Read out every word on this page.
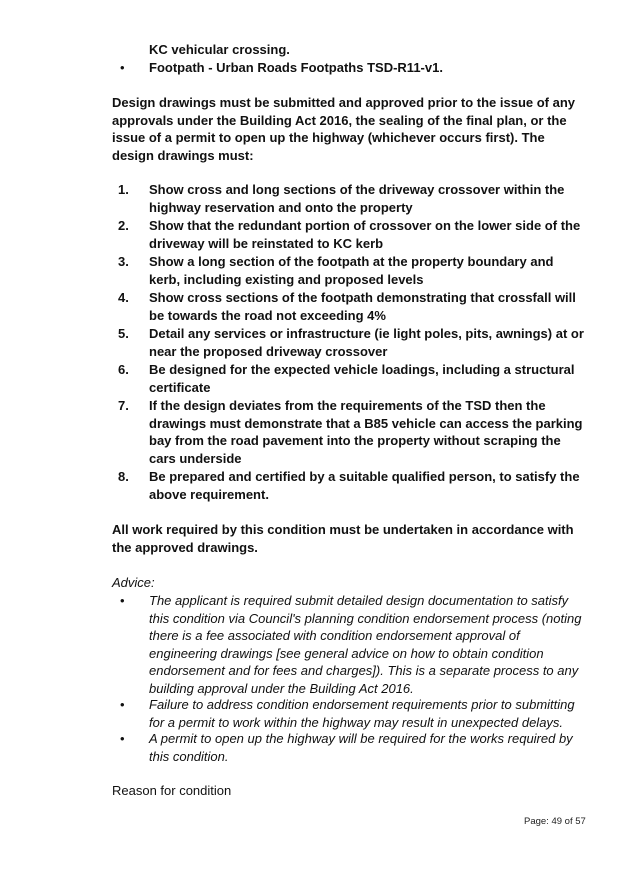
KC vehicular crossing.
• Footpath - Urban Roads Footpaths TSD-R11-v1.
Design drawings must be submitted and approved prior to the issue of any approvals under the Building Act 2016, the sealing of the final plan, or the issue of a permit to open up the highway (whichever occurs first). The design drawings must:
1. Show cross and long sections of the driveway crossover within the highway reservation and onto the property
2. Show that the redundant portion of crossover on the lower side of the driveway will be reinstated to KC kerb
3. Show a long section of the footpath at the property boundary and kerb, including existing and proposed levels
4. Show cross sections of the footpath demonstrating that crossfall will be towards the road not exceeding 4%
5. Detail any services or infrastructure (ie light poles, pits, awnings) at or near the proposed driveway crossover
6. Be designed for the expected vehicle loadings, including a structural certificate
7. If the design deviates from the requirements of the TSD then the drawings must demonstrate that a B85 vehicle can access the parking bay from the road pavement into the property without scraping the cars underside
8. Be prepared and certified by a suitable qualified person, to satisfy the above requirement.
All work required by this condition must be undertaken in accordance with the approved drawings.
Advice:
• The applicant is required submit detailed design documentation to satisfy this condition via Council's planning condition endorsement process (noting there is a fee associated with condition endorsement approval of engineering drawings [see general advice on how to obtain condition endorsement and for fees and charges]). This is a separate process to any building approval under the Building Act 2016.
• Failure to address condition endorsement requirements prior to submitting for a permit to work within the highway may result in unexpected delays.
• A permit to open up the highway will be required for the works required by this condition.
Reason for condition
Page: 49 of 57
